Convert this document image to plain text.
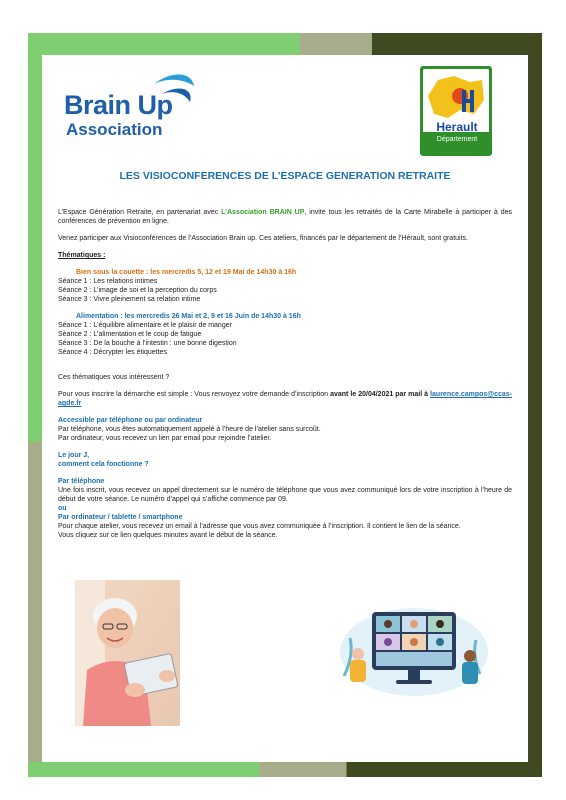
Brain Up
Association	Herault
Département
LES VISIOCONFERENCES DE L’ESPACE GENERATION RETRAITE

L’Espace Génération Retraite, en partenariat avec L’Association BRAIN UP, invite tous les retraités de la Carte Mirabelle à participer à des conférences de prévention en ligne.

Venez participer aux Visioconférences de l’Association Brain up. Ces ateliers, financés par le département de l’Hérault, sont gratuits.

Thématiques :

Bien sous la couette : les mercredis 5, 12 et 19 Mai de 14h30 à 16h

Séance 1 : Les relations intimes

Séance 2 : L’image de soi et la perception du corps

Séance 3 : Vivre pleinement sa relation intime

Alimentation : les mercredis 26 Mai et 2, 9 et 16 Juin de 14h30 à 16h

Séance 1 : L’équilibre alimentaire et le plaisir de manger

Séance 2 : L’alimentation et le coup de fatigue

Séance 3 : De la bouche à l’intestin : une bonne digestion

Séance 4 : Décrypter les étiquettes

Ces thématiques vous intéressent ?

Pour vous inscrire la démarche est simple : Vous renvoyez votre demande d’inscription avant le 20/04/2021 par mail à laurence.campos@ccas-agde.fr

Accessible par téléphone ou par ordinateur

Par téléphone, vous êtes automatiquement appelé à l’heure de l’atelier sans surcoût.

Par ordinateur, vous recevez un lien par email pour rejoindre l’atelier.

Le jour J,

comment cela fonctionne ?

Par téléphone

Une fois inscrit, vous recevez un appel directement sur le numéro de téléphone que vous avez communiqué lors de votre inscription à l’heure de début de votre séance. Le numéro d’appel qui s’affiche commence par 09.

ou

Par ordinateur / tablette / smartphone

Pour chaque atelier, vous recevez un email à l’adresse que vous avez communiquée à l’inscription. Il contient le lien de la séance.

Vous cliquez sur ce lien quelques minutes avant le début de la séance.
